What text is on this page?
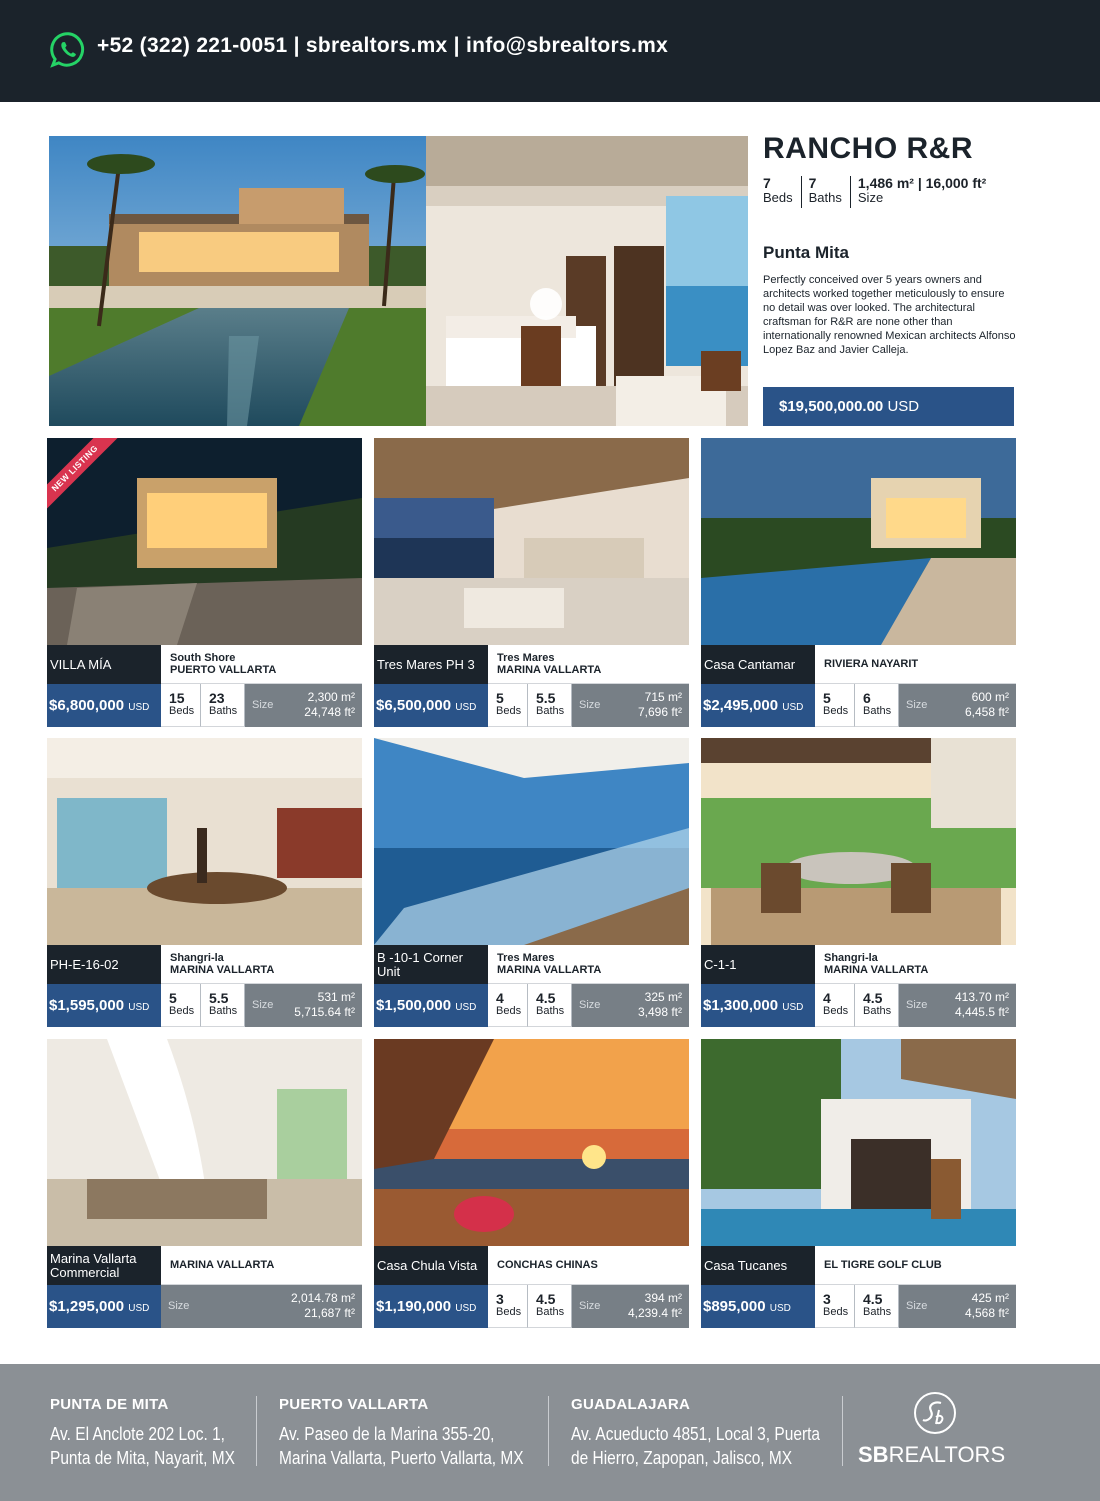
+52 (322) 221-0051 | sbrealtors.mx | info@sbrealtors.mx
RANCHO R&R
7
Beds
7
Baths
1,486 m² | 16,000 ft²
Size
Punta Mita

Perfectly conceived over 5 years owners and architects worked together meticulously to ensure no detail was over looked. The architectural craftsman for R&R are none other than internationally renowned Mexican architects Alfonso Lopez Baz and Javier Calleja.

$19,500,000.00 USD
NEW LISTING
VILLA MÍA	South Shore
PUERTO VALLARTA
$6,800,000 USD
15
Beds
23
Baths	Size
2,300 m²
24,748 ft²
Tres Mares PH 3	Tres Mares
MARINA VALLARTA
$6,500,000 USD
5
Beds
5.5
Baths	Size
715 m²
7,696 ft²
Casa Cantamar	RIVIERA NAYARIT
$2,495,000 USD
5
Beds
6
Baths	Size
600 m²
6,458 ft²
PH-E-16-02	Shangri-la
MARINA VALLARTA
$1,595,000 USD
5
Beds
5.5
Baths	Size
531 m²
5,715.64 ft²
B -10-1 Corner Unit
Tres Mares
MARINA VALLARTA
$1,500,000 USD
4
Beds
4.5
Baths	Size
325 m²
3,498 ft²
C-1-1	Shangri-la
MARINA VALLARTA
$1,300,000 USD
4
Beds
4.5
Baths	Size
413.70 m²
4,445.5 ft²
Marina Vallarta Commercial	MARINA VALLARTA
$1,295,000 USD	Size
2,014.78 m²
21,687 ft²
Casa Chula Vista	CONCHAS CHINAS
$1,190,000 USD
3
Beds
4.5
Baths	Size
394 m²
4,239.4 ft²
Casa Tucanes	EL TIGRE GOLF CLUB
$895,000 USD
3
Beds
4.5
Baths	Size
425 m²
4,568 ft²
PUNTA DE MITA
Av. El Anclote 202 Loc. 1,
Punta de Mita, Nayarit, MX
PUERTO VALLARTA
Av. Paseo de la Marina 355-20,
Marina Vallarta, Puerto Vallarta, MX
GUADALAJARA
Av. Acueducto 4851, Local 3, Puerta
de Hierro, Zapopan, Jalisco, MX	SBREALTORS
